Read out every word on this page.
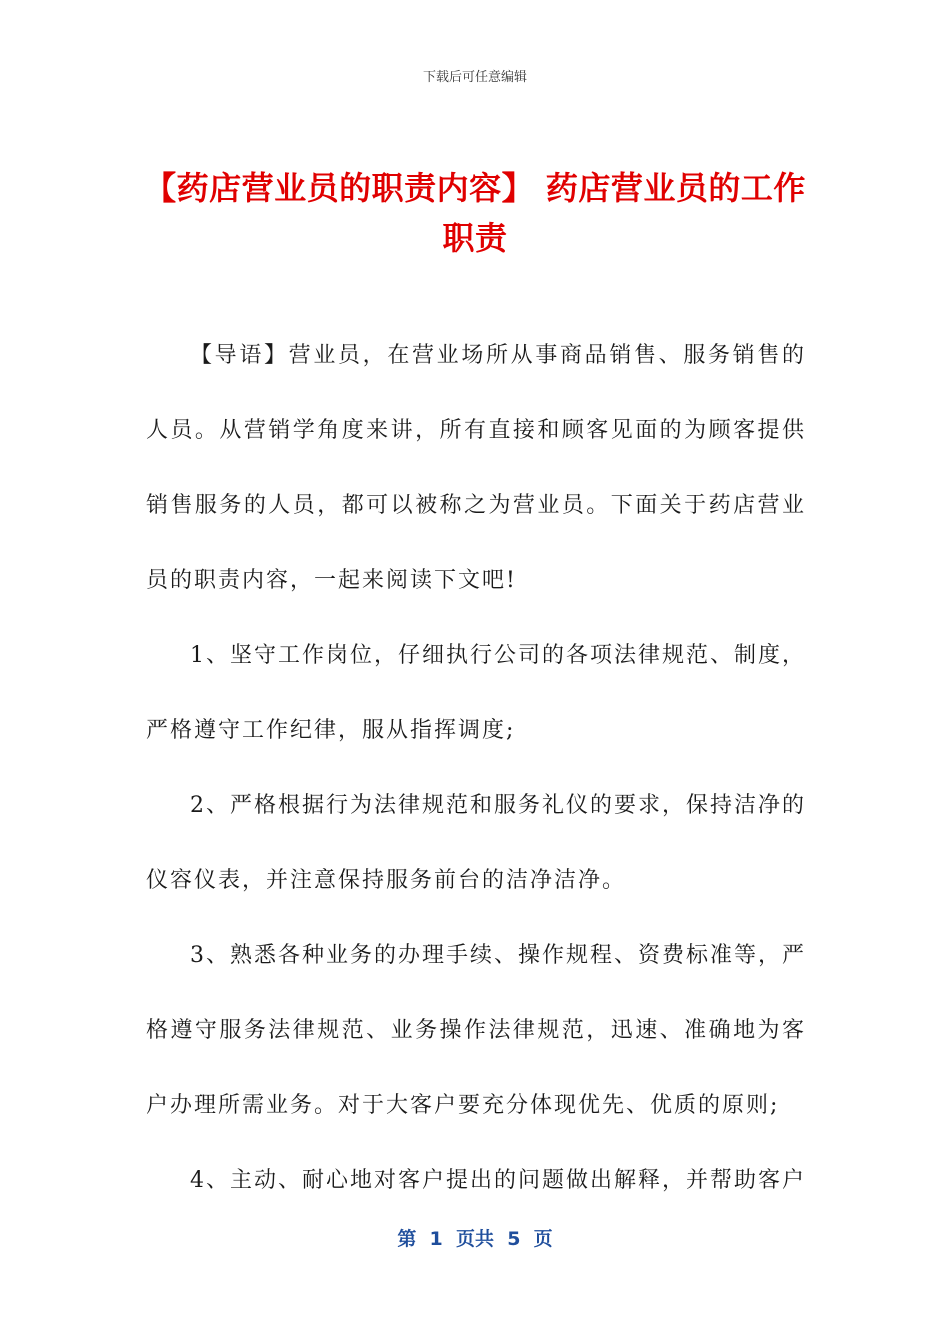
下载后可任意编辑
【药店营业员的职责内容】 药店营业员的工作职责

【导语】营业员，在营业场所从事商品销售、服务销售的人员。从营销学角度来讲，所有直接和顾客见面的为顾客提供销售服务的人员，都可以被称之为营业员。下面关于药店营业员的职责内容，一起来阅读下文吧!

1、坚守工作岗位，仔细执行公司的各项法律规范、制度，严格遵守工作纪律，服从指挥调度;

2、严格根据行为法律规范和服务礼仪的要求，保持洁净的仪容仪表，并注意保持服务前台的洁净洁净。

3、熟悉各种业务的办理手续、操作规程、资费标准等，严格遵守服务法律规范、业务操作法律规范，迅速、准确地为客户办理所需业务。对于大客户要充分体现优先、优质的原则;

4、主动、耐心地对客户提出的问题做出解释，并帮助客户

第  1  页共  5  页
